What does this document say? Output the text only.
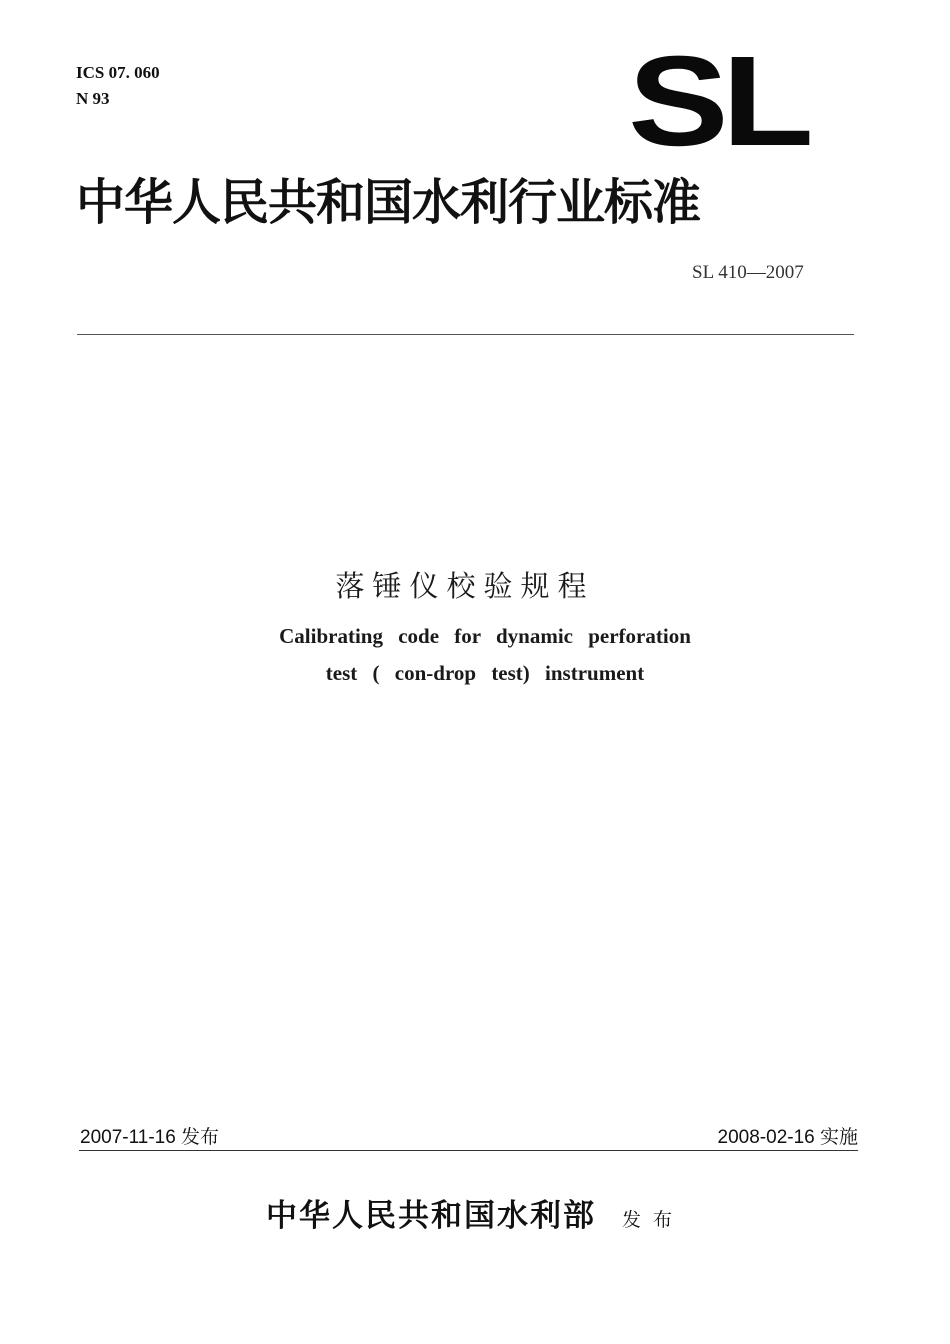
ICS 07. 060
N 93	SL
中华人民共和国水利行业标准
SL 410—2007
落锤仪校验规程
Calibrating code for dynamic perforation
test ( con-drop test) instrument
2007-11-16 发布	2008-02-16 实施
中华人民共和国水利部 发布
